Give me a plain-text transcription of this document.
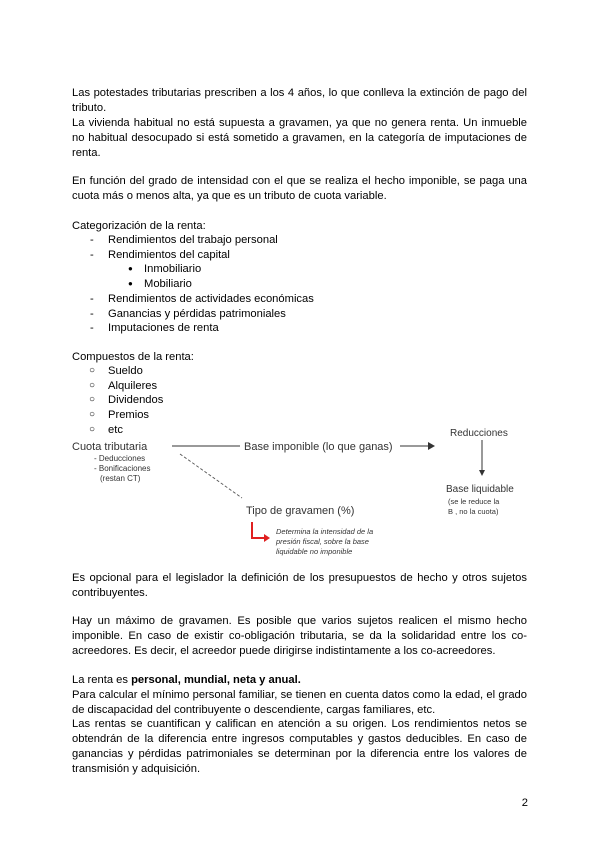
Las potestades tributarias prescriben a los 4 años, lo que conlleva la extinción de pago del tributo.

La vivienda habitual no está supuesta a gravamen, ya que no genera renta. Un inmueble no habitual desocupado si está sometido a gravamen, en la categoría de imputaciones de renta.

En función del grado de intensidad con el que se realiza el hecho imponible, se paga una cuota más o menos alta, ya que es un tributo de cuota variable.

Categorización de la renta:

- Rendimientos del trabajo personal
- Rendimientos del capital
● Inmobiliario
● Mobiliario
- Rendimientos de actividades económicas
- Ganancias y pérdidas patrimoniales
- Imputaciones de renta

Compuestos de la renta:

○ Sueldo
○ Alquileres
○ Dividendos
○ Premios
○ etc
Cuota tributaria
- Deducciones
- Bonificaciones
(restan CT)
Base imponible (lo que ganas)
Reducciones
Base liquidable
(se le reduce la
B , no la cuota)
Tipo de gravamen (%)
Determina la intensidad de la
presión fiscal, sobre la base
liquidable no imponible

Es opcional para el legislador la definición de los presupuestos de hecho y otros sujetos contribuyentes.

Hay un máximo de gravamen. Es posible que varios sujetos realicen el mismo hecho imponible. En caso de existir co-obligación tributaria, se da la solidaridad entre los co-acreedores. Es decir, el acreedor puede dirigirse indistintamente a los co-acreedores.

La renta es personal, mundial, neta y anual.

Para calcular el mínimo personal familiar, se tienen en cuenta datos como la edad, el grado de discapacidad del contribuyente o descendiente, cargas familiares, etc.

Las rentas se cuantifican y califican en atención a su origen. Los rendimientos netos se obtendrán de la diferencia entre ingresos computables y gastos deducibles. En caso de ganancias y pérdidas patrimoniales se determinan por la diferencia entre los valores de transmisión y adquisición.

2
